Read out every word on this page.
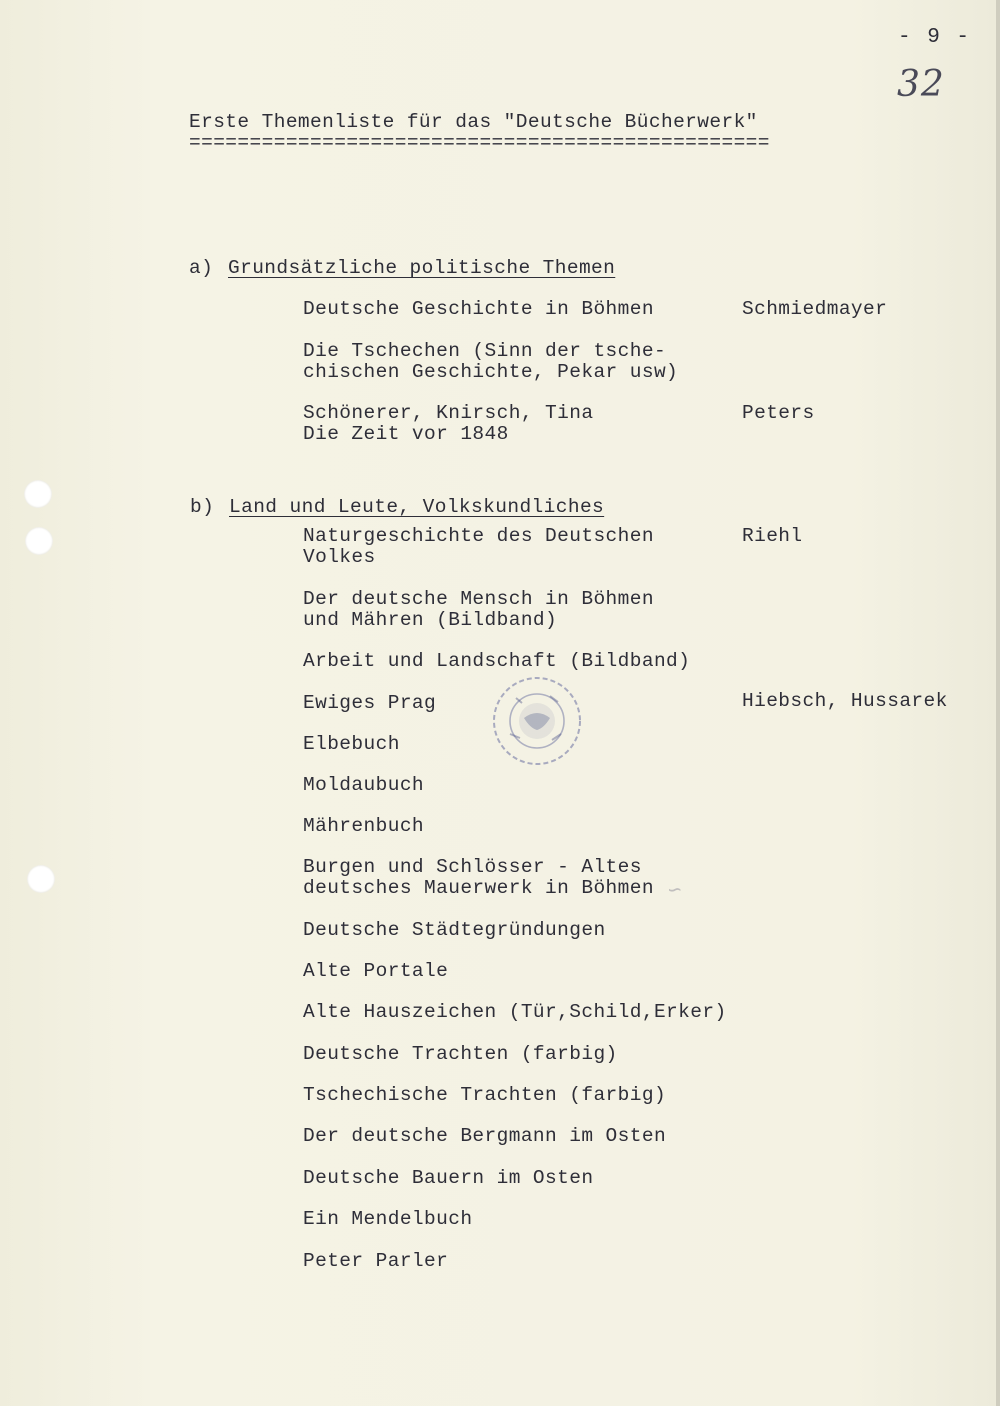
- 9 -
32
Erste Themenliste für das "Deutsche Bücherwerk"
================================================
a) Grundsätzliche politische Themen
Deutsche Geschichte in Böhmen	Schmiedmayer
Die Tschechen (Sinn der tsche-
chischen Geschichte, Pekar usw)
Schönerer, Knirsch, Tina
Die Zeit vor 1848
Peters
b) Land und Leute, Volkskundliches
Naturgeschichte des Deutschen
Volkes
Riehl
Der deutsche Mensch in Böhmen
und Mähren (Bildband)
Arbeit und Landschaft (Bildband)
Ewiges Prag	Hiebsch, Hussarek
Elbebuch
Moldaubuch
Mährenbuch
Burgen und Schlösser - Altes
deutsches Mauerwerk in Böhmen
Deutsche Städtegründungen
Alte Portale
Alte Hauszeichen (Tür,Schild,Erker)
Deutsche Trachten (farbig)
Tschechische Trachten (farbig)
Der deutsche Bergmann im Osten
Deutsche Bauern im Osten
Ein Mendelbuch
Peter Parler
~
